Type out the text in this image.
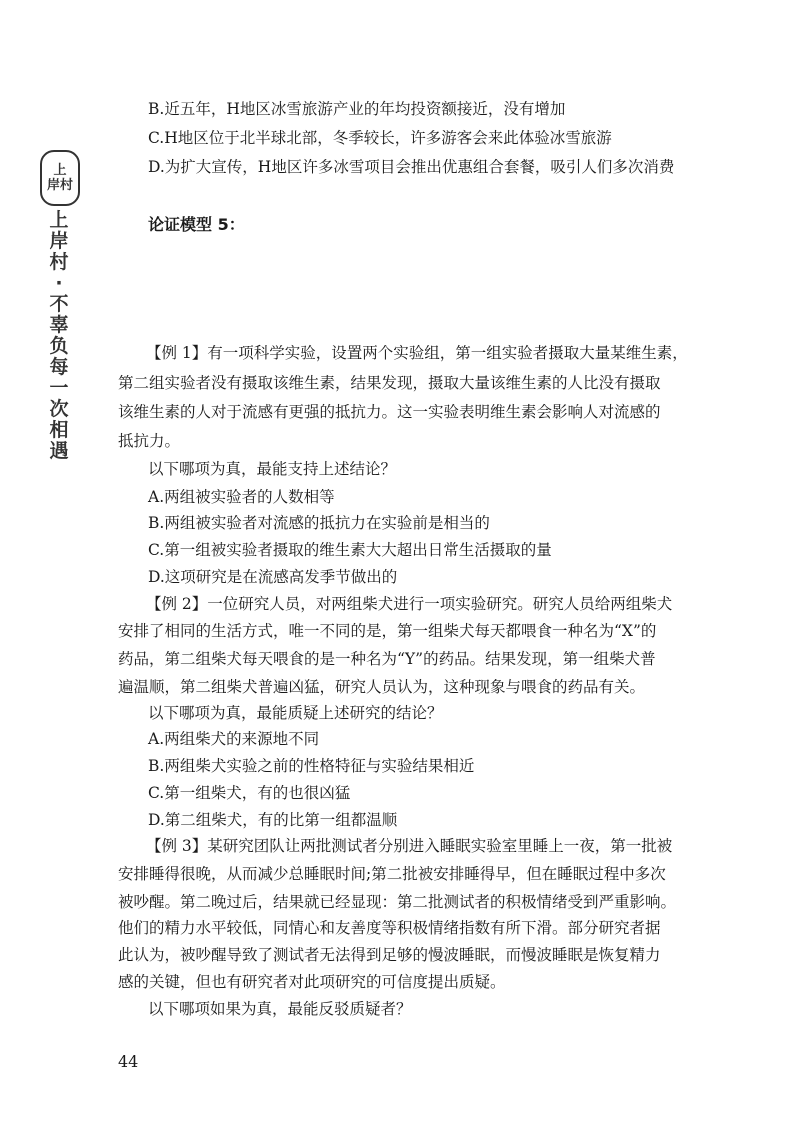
上
岸村
上岸村·不辜负每一次相遇
B.近五年，H地区冰雪旅游产业的年均投资额接近，没有增加
C.H地区位于北半球北部，冬季较长，许多游客会来此体验冰雪旅游
D.为扩大宣传，H地区许多冰雪项目会推出优惠组合套餐，吸引人们多次消费
论证模型 5：
【例 1】有一项科学实验，设置两个实验组，第一组实验者摄取大量某维生素，
第二组实验者没有摄取该维生素，结果发现，摄取大量该维生素的人比没有摄取
该维生素的人对于流感有更强的抵抗力。这一实验表明维生素会影响人对流感的
抵抗力。
以下哪项为真，最能支持上述结论？
A.两组被实验者的人数相等
B.两组被实验者对流感的抵抗力在实验前是相当的
C.第一组被实验者摄取的维生素大大超出日常生活摄取的量
D.这项研究是在流感高发季节做出的
【例 2】一位研究人员，对两组柴犬进行一项实验研究。研究人员给两组柴犬
安排了相同的生活方式，唯一不同的是，第一组柴犬每天都喂食一种名为“X”的
药品，第二组柴犬每天喂食的是一种名为“Y”的药品。结果发现，第一组柴犬普
遍温顺，第二组柴犬普遍凶猛，研究人员认为，这种现象与喂食的药品有关。
以下哪项为真，最能质疑上述研究的结论？
A.两组柴犬的来源地不同
B.两组柴犬实验之前的性格特征与实验结果相近
C.第一组柴犬，有的也很凶猛
D.第二组柴犬，有的比第一组都温顺
【例 3】某研究团队让两批测试者分别进入睡眠实验室里睡上一夜，第一批被
安排睡得很晚，从而减少总睡眠时间;第二批被安排睡得早，但在睡眠过程中多次
被吵醒。第二晚过后，结果就已经显现：第二批测试者的积极情绪受到严重影响。
他们的精力水平较低，同情心和友善度等积极情绪指数有所下滑。部分研究者据
此认为，被吵醒导致了测试者无法得到足够的慢波睡眠，而慢波睡眠是恢复精力
感的关键，但也有研究者对此项研究的可信度提出质疑。
以下哪项如果为真，最能反驳质疑者？
44
